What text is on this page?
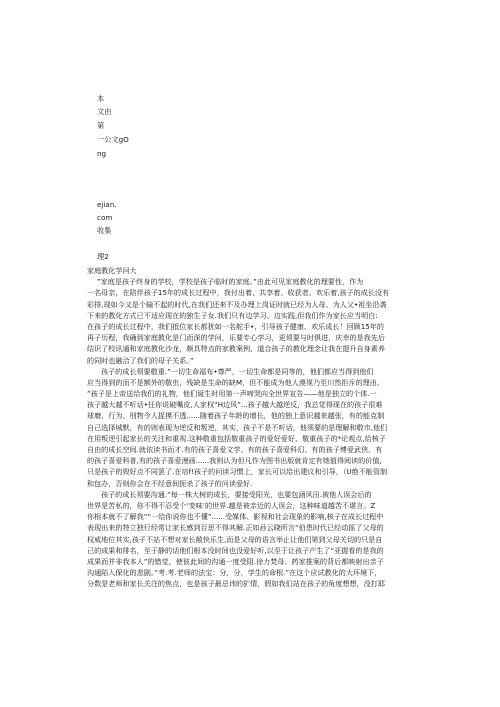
本
文由
第
一公文gO
ng
ejian.
com
收集
理2
家庭教化学问大
”家庭是孩子终身的学校，学校是孩子临时的家庭。”由此可见家庭教化的理要性，作为
一名母亲，在陪伴孩子15年的成长过程中，我付出着、共享着、收获者、欢乐着,孩子的成长没有
彩排,现如今又是个输不起的时代,在我们还来不及办理上岗证时就已经为人母、为人父•祖坐沿袭
下来的教化方式已不适应现在的独生子女.我们只有边学习、边实践,但我们作为家长应当明白:
在孩子的成长过程中，我们抵位家长都犹如一名舵手•，引导孩子健康、欢乐成长！回顾15年的
再子历程，我确到家庭教化是门而深的学问，乐要专心学习，更须要与时俱进，庆幸的是我先后
结识了校讯通和家庭教化沙龙，颇具特点的家教案例、道合孩子的教化理念让我在提升自身素养
的同时也融洽了我们的母子关系。”
孩子的成长须要敬重.”一切生命福布•尊严，一切生命都是同等的，他们都应当得到他们
应当得到的而不是额外的敬虫，残缺是生命的缺M，但不能成为他人漠视乃至川然拒斥的理由。
”孩子是上帝送给我们的礼物，他们诞生时用第一声啼哭向全世界宣告——他是独立的个体.一
孩子越大越不听话•任你说破嘴皮,人家权“H边风”...孩子越大越逆反，我总觉得现在的孩子很难
球磨，行为、刖物令人捉摸不透......随着孩子年龄的增长，他的独上意识越来越张，有的能克制
自己选择城默，有的则表现为逆反和叛逆，其实，孩子不是不听话，他须要的是理解和敬市,他们
在用叛逆引起家长的关注和重视.这种敬重包括敬重孩子的爱好爱好、敬重孩子的*论观点,给核子
自由的成长空间.就依读书而才.有的孩子喜爱文学、有的孩子喜爱科幻、有的孩子博爱武侠、有
的孩子喜爱科普,有的孩子喜爱漫画......我则认为但凡作为图书出版就肯定有她值得阅读的价值,
只是孩子的毁好点不同罢了.在培f!孩子的问读习惯上，家长可以给出建议和引导，（U绝不能管制
和包办，否则你会在不经意间扼杀了孩子的问读爱好.
孩子的成长须要沟通.“每一株大树的成长，要接受阳光，也要包涵风田.被他人误会后的
世界是苦私的，你不得不忍受个‘变味’的世界.越是被亲近的人误会，这种味道越苦不堪言。Z
你根本就不了解我”“一给你说你也不懂”......受媒体、影视和社会现象的影响,核子在成长过程中
表现出来的特立独行经常让家长感到百思不得其解.正如孙云晓所言“伯患时代已经动摇了父母的
权威地位其实,孩子不站不想对家长敞快乐生,而是父母的语言举止让他们第到父母关切的只是自
己的成果和排名，至于静的话他们根本没时间也没爱好听,以至于让孩子产生了“亚握看的是我的
成果而并非我本人”的错觉，使彼此间的沟通一度受阻.徐力梵母、药家推案的背后都映射出亲子
沟通陷入保化的悲剧。”考.考.老师的法宝：分，分，学生的命根.”在这个应试教化的大环境下，
分数是老师和家长关注的焦点，也是孩子最忌讳的犷情，假如我们站在孩子的角度想想，没打耶
